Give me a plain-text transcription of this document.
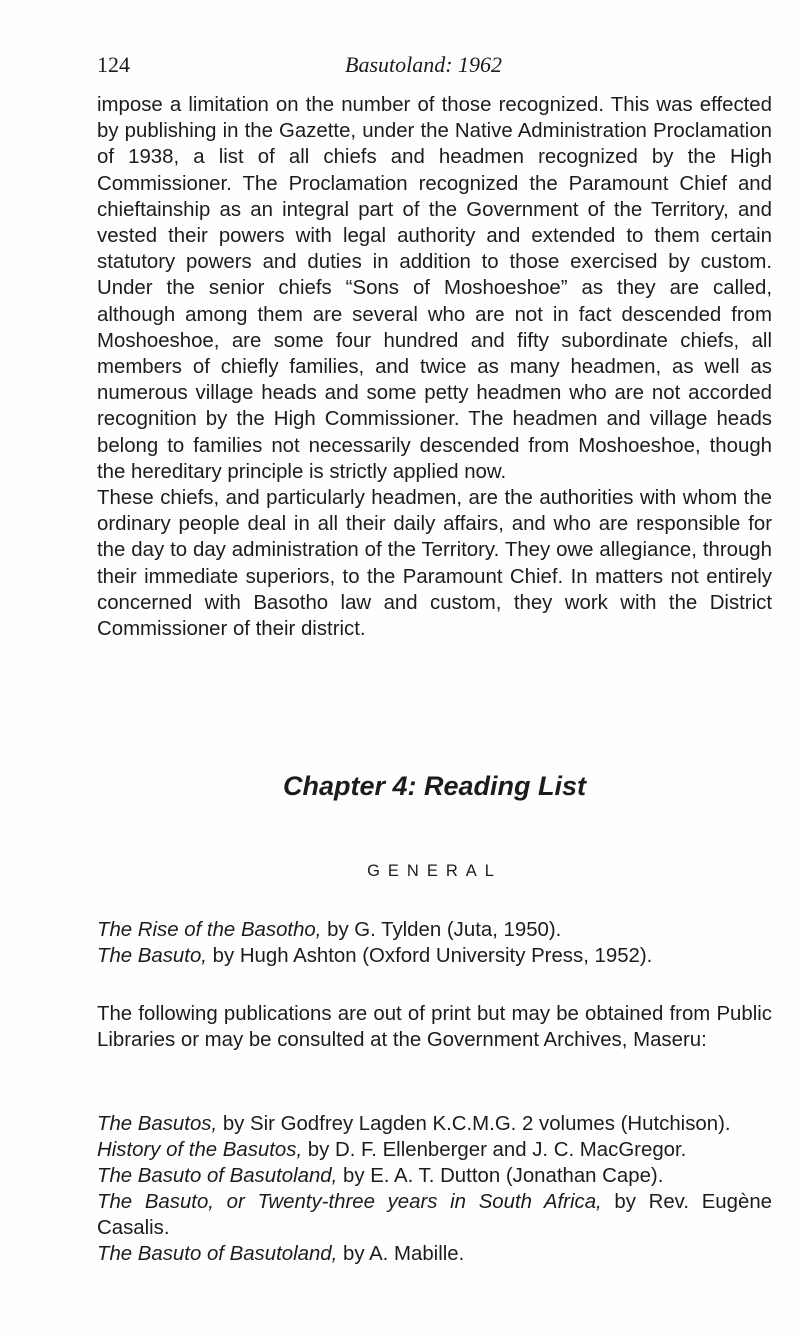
124	Basutoland: 1962

impose a limitation on the number of those recognized. This was effected by publishing in the Gazette, under the Native Administration Proclamation of 1938, a list of all chiefs and headmen recognized by the High Commissioner. The Proclamation recognized the Paramount Chief and chieftainship as an integral part of the Government of the Territory, and vested their powers with legal authority and extended to them certain statutory powers and duties in addition to those exercised by custom. Under the senior chiefs “Sons of Moshoeshoe” as they are called, although among them are several who are not in fact descended from Moshoeshoe, are some four hundred and fifty subordinate chiefs, all members of chiefly families, and twice as many headmen, as well as numerous village heads and some petty headmen who are not accorded recognition by the High Commissioner. The headmen and village heads belong to families not necessarily descended from Moshoeshoe, though the hereditary principle is strictly applied now.

These chiefs, and particularly headmen, are the authorities with whom the ordinary people deal in all their daily affairs, and who are responsible for the day to day administration of the Territory. They owe allegiance, through their immediate superiors, to the Paramount Chief. In matters not entirely concerned with Basotho law and custom, they work with the District Commissioner of their district.

Chapter 4: Reading List
GENERAL

The Rise of the Basotho, by G. Tylden (Juta, 1950).

The Basuto, by Hugh Ashton (Oxford University Press, 1952).

The following publications are out of print but may be obtained from Public Libraries or may be consulted at the Government Archives, Maseru:

The Basutos, by Sir Godfrey Lagden K.C.M.G. 2 volumes (Hutchison).

History of the Basutos, by D. F. Ellenberger and J. C. MacGregor.

The Basuto of Basutoland, by E. A. T. Dutton (Jonathan Cape).

The Basuto, or Twenty-three years in South Africa, by Rev. Eugène Casalis.

The Basuto of Basutoland, by A. Mabille.
